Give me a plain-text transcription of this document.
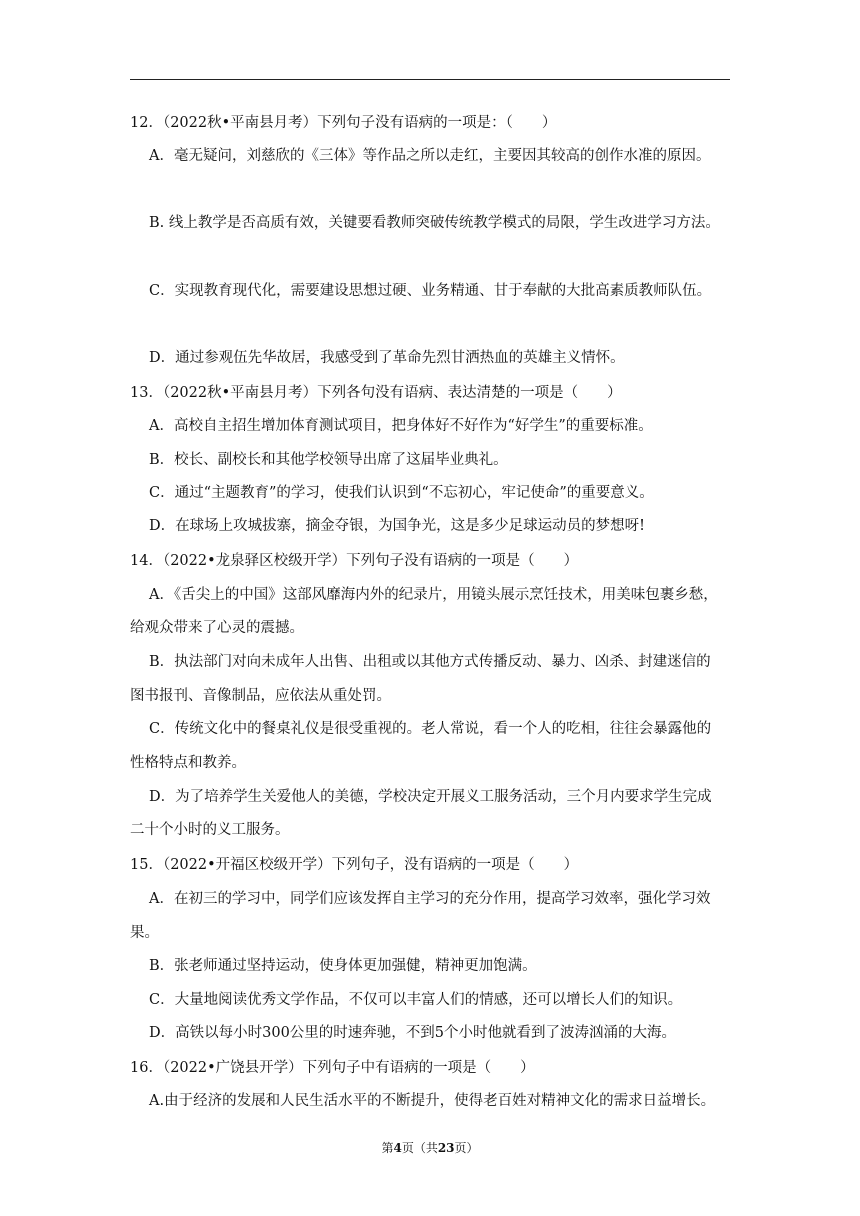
12．（2022秋•平南县月考）下列句子没有语病的一项是：（　　）
A．毫无疑问，刘慈欣的《三体》等作品之所以走红，主要因其较高的创作水准的原因。
B. 线上教学是否高质有效，关键要看教师突破传统教学模式的局限，学生改进学习方法。
C．实现教育现代化，需要建设思想过硬、业务精通、甘于奉献的大批高素质教师队伍。
D．通过参观伍先华故居，我感受到了革命先烈甘洒热血的英雄主义情怀。
13．（2022秋•平南县月考）下列各句没有语病、表达清楚的一项是（　　）
A．高校自主招生增加体育测试项目，把身体好不好作为“好学生”的重要标准。
B．校长、副校长和其他学校领导出席了这届毕业典礼。
C．通过“主题教育”的学习，使我们认识到“不忘初心，牢记使命”的重要意义。
D．在球场上攻城拔寨，摘金夺银，为国争光，这是多少足球运动员的梦想呀!
14．（2022•龙泉驿区校级开学）下列句子没有语病的一项是（　　）
A．《舌尖上的中国》这部风靡海内外的纪录片，用镜头展示烹饪技术，用美味包裹乡愁，
给观众带来了心灵的震撼。
B．执法部门对向未成年人出售、出租或以其他方式传播反动、暴力、凶杀、封建迷信的
图书报刊、音像制品，应依法从重处罚。
C．传统文化中的餐桌礼仪是很受重视的。老人常说，看一个人的吃相，往往会暴露他的
性格特点和教养。
D．为了培养学生关爱他人的美德，学校决定开展义工服务活动，三个月内要求学生完成
二十个小时的义工服务。
15．（2022•开福区校级开学）下列句子，没有语病的一项是（　　）
A．在初三的学习中，同学们应该发挥自主学习的充分作用，提高学习效率，强化学习效
果。
B．张老师通过坚持运动，使身体更加强健，精神更加饱满。
C．大量地阅读优秀文学作品，不仅可以丰富人们的情感，还可以增长人们的知识。
D．高铁以每小时300公里的时速奔驰，不到5个小时他就看到了波涛汹涌的大海。
16．（2022•广饶县开学）下列句子中有语病的一项是（　　）
A.由于经济的发展和人民生活水平的不断提升，使得老百姓对精神文化的需求日益增长。
第4页（共23页）
